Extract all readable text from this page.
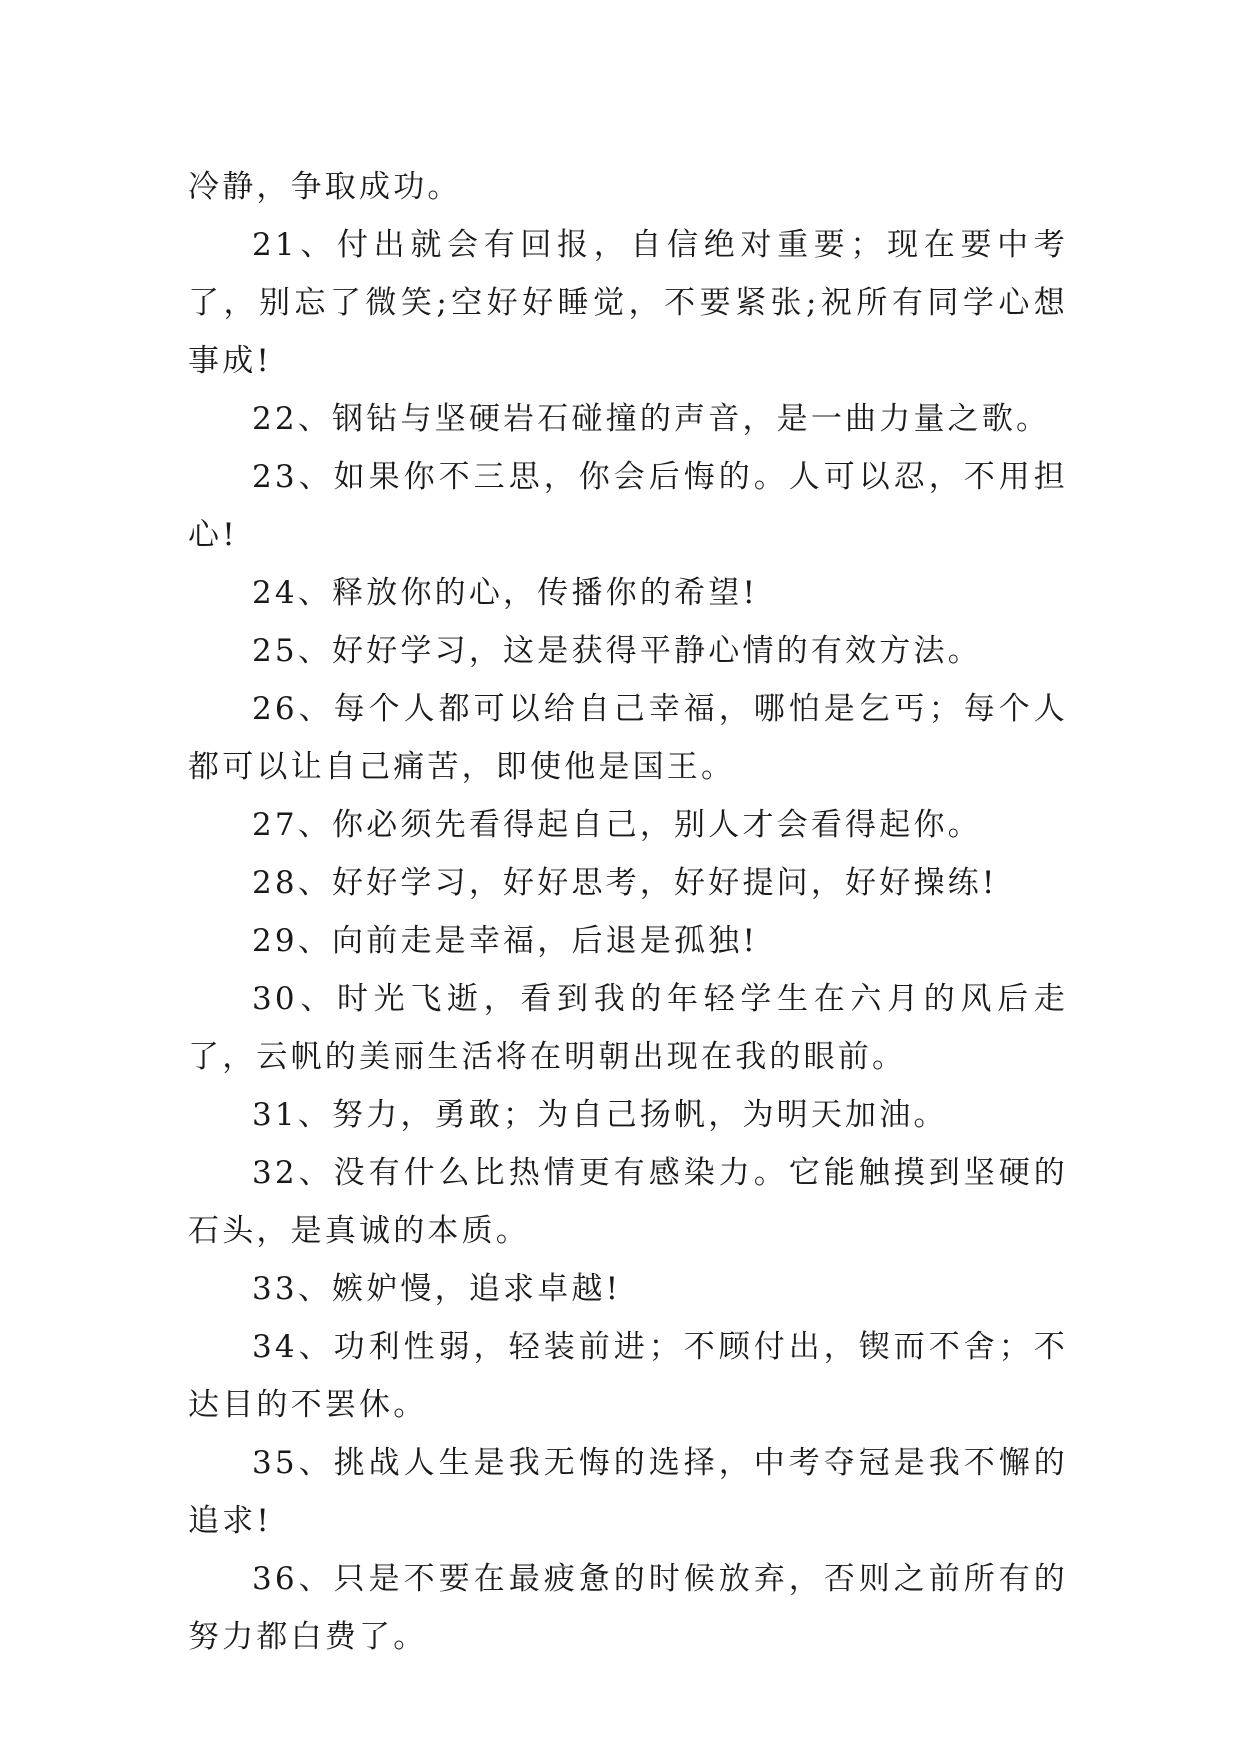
冷静，争取成功。

21、付出就会有回报，自信绝对重要；现在要中考了，别忘了微笑;空好好睡觉，不要紧张;祝所有同学心想事成!

22、钢钻与坚硬岩石碰撞的声音，是一曲力量之歌。

23、如果你不三思，你会后悔的。人可以忍，不用担心!

24、释放你的心，传播你的希望!

25、好好学习，这是获得平静心情的有效方法。

26、每个人都可以给自己幸福，哪怕是乞丐；每个人都可以让自己痛苦，即使他是国王。

27、你必须先看得起自己，别人才会看得起你。

28、好好学习，好好思考，好好提问，好好操练!

29、向前走是幸福，后退是孤独!

30、时光飞逝，看到我的年轻学生在六月的风后走了，云帆的美丽生活将在明朝出现在我的眼前。

31、努力，勇敢；为自己扬帆，为明天加油。

32、没有什么比热情更有感染力。它能触摸到坚硬的石头，是真诚的本质。

33、嫉妒慢，追求卓越!

34、功利性弱，轻装前进；不顾付出，锲而不舍；不达目的不罢休。

35、挑战人生是我无悔的选择，中考夺冠是我不懈的追求!

36、只是不要在最疲惫的时候放弃，否则之前所有的努力都白费了。
